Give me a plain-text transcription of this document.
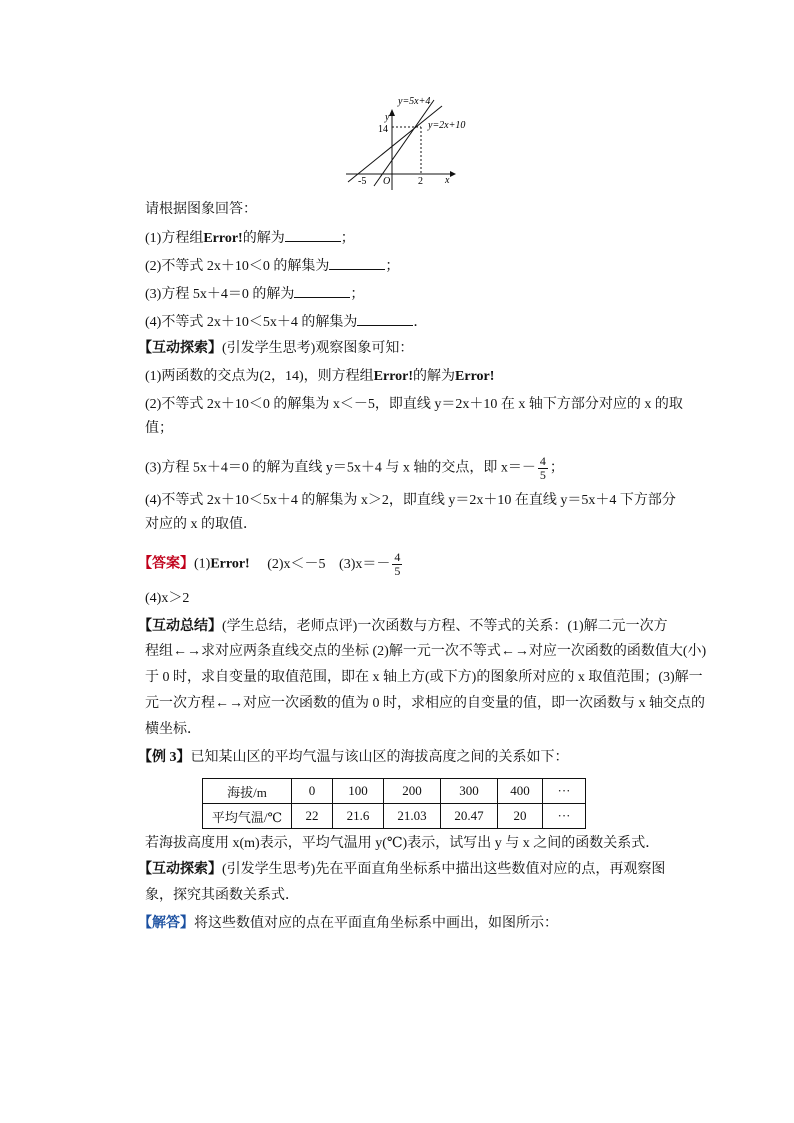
y=5x+4
y=2x+10
y
x
14
-5 O	2
请根据图象回答：
(1)方程组Error!的解为	；
(2)不等式 2x＋10＜0 的解集为	；
(3)方程 5x＋4＝0 的解为	；
(4)不等式 2x＋10＜5x＋4 的解集为	．
【互动探索】(引发学生思考)观察图象可知：
(1)两函数的交点为(2，14)，则方程组Error!的解为Error!
(2)不等式 2x＋10＜0 的解集为 x＜－5，即直线 y＝2x＋10 在 x 轴下方部分对应的 x 的取
值；
(3)方程 5x＋4＝0 的解为直线 y＝5x＋4 与 x 轴的交点，即 $x=- \frac{4}{5}$ ；
(4)不等式 2x＋10＜5x＋4 的解集为 x＞2，即直线 y＝2x＋10 在直线 y＝5x＋4 下方部分
对应的 x 的取值．
【答案】(1)Error! (2)x＜－5 $(3)x=- \frac{4}{5}$
(4)x＞2
【互动总结】(学生总结，老师点评)一次函数与方程、不等式的关系：(1)解二元一次方
程组←→求对应两条直线交点的坐标 (2)解一元一次不等式←→对应一次函数的函数值大(小)
于 0 时，求自变量的取值范围，即在 x 轴上方(或下方)的图象所对应的 x 取值范围；(3)解一
元一次方程←→对应一次函数的值为 0 时，求相应的自变量的值，即一次函数与 x 轴交点的
横坐标．
【例 3】已知某山区的平均气温与该山区的海拔高度之间的关系如下：
海拔/m	0	100	200	300	400	···
平均气温/℃	22	21.6	21.03	20.47	20	···
若海拔高度用 x(m)表示，平均气温用 y(℃)表示，试写出 y 与 x 之间的函数关系式．
【互动探索】(引发学生思考)先在平面直角坐标系中描出这些数值对应的点，再观察图
象，探究其函数关系式．
【解答】将这些数值对应的点在平面直角坐标系中画出，如图所示：
